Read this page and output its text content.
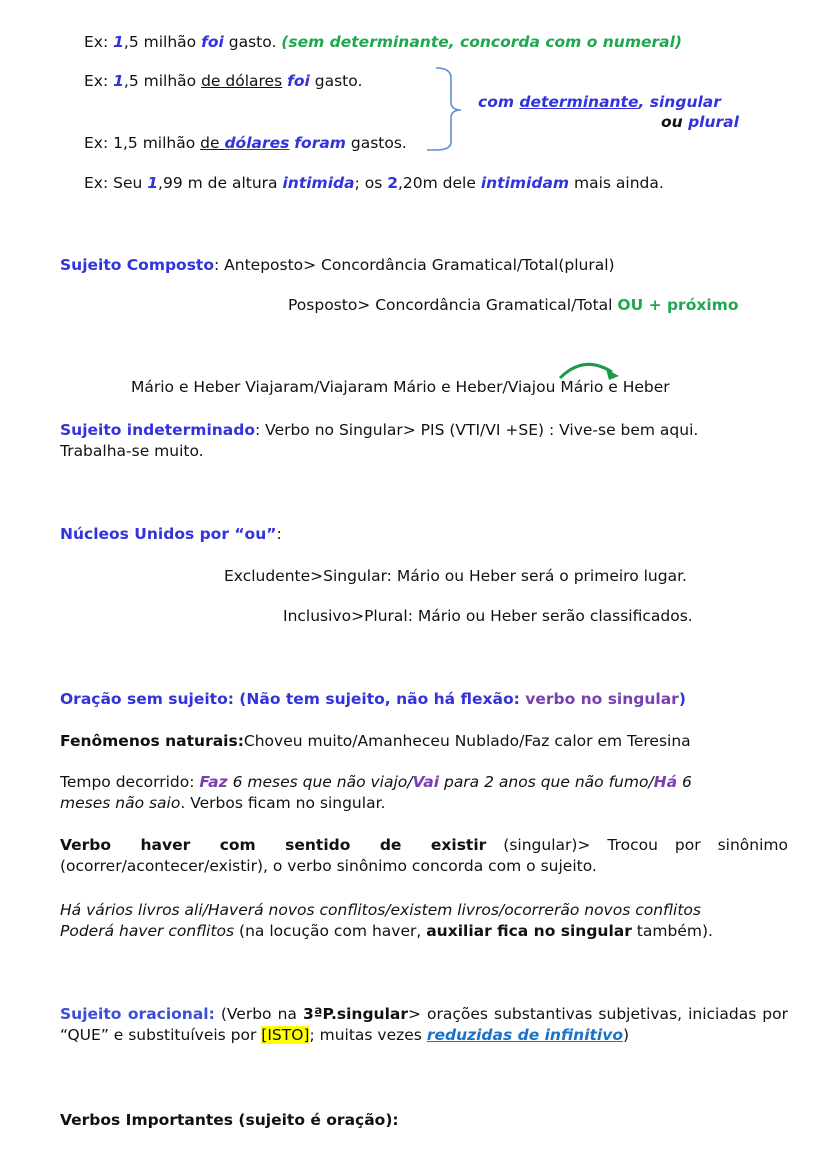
Ex: 1,5 milhão foi gasto. (sem determinante, concorda com o numeral)
Ex: 1,5 milhão de dólares foi gasto.
Ex: 1,5 milhão de dólares foram gastos.
com determinante, singular
ou plural
Ex: Seu 1,99 m de altura intimida; os 2,20m dele intimidam mais ainda.
Sujeito Composto: Anteposto> Concordância Gramatical/Total(plural)
Posposto> Concordância Gramatical/Total OU + próximo
Mário e Heber Viajaram/Viajaram Mário e Heber/Viajou Mário e Heber
Sujeito indeterminado: Verbo no Singular> PIS (VTI/VI +SE) : Vive-se bem aqui.
Trabalha-se muito.
Núcleos Unidos por “ou”:
Excludente>Singular: Mário ou Heber será o primeiro lugar.
Inclusivo>Plural: Mário ou Heber serão classificados.
Oração sem sujeito: (Não tem sujeito, não há flexão: verbo no singular)
Fenômenos naturais:Choveu muito/Amanheceu Nublado/Faz calor em Teresina
Tempo decorrido: Faz 6 meses que não viajo/Vai para 2 anos que não fumo/Há 6
meses não saio. Verbos ficam no singular.
Verbo haver com sentido de existir (singular)> Trocou por sinônimo (ocorrer/acontecer/existir), o verbo sinônimo concorda com o sujeito.
Há vários livros ali/Haverá novos conflitos/existem livros/ocorrerão novos conflitos
Poderá haver conflitos (na locução com haver, auxiliar fica no singular também).
Sujeito oracional: (Verbo na 3ªP.singular> orações substantivas subjetivas, iniciadas por “QUE” e substituíveis por [ISTO]; muitas vezes reduzidas de infinitivo)
Verbos Importantes (sujeito é oração):
